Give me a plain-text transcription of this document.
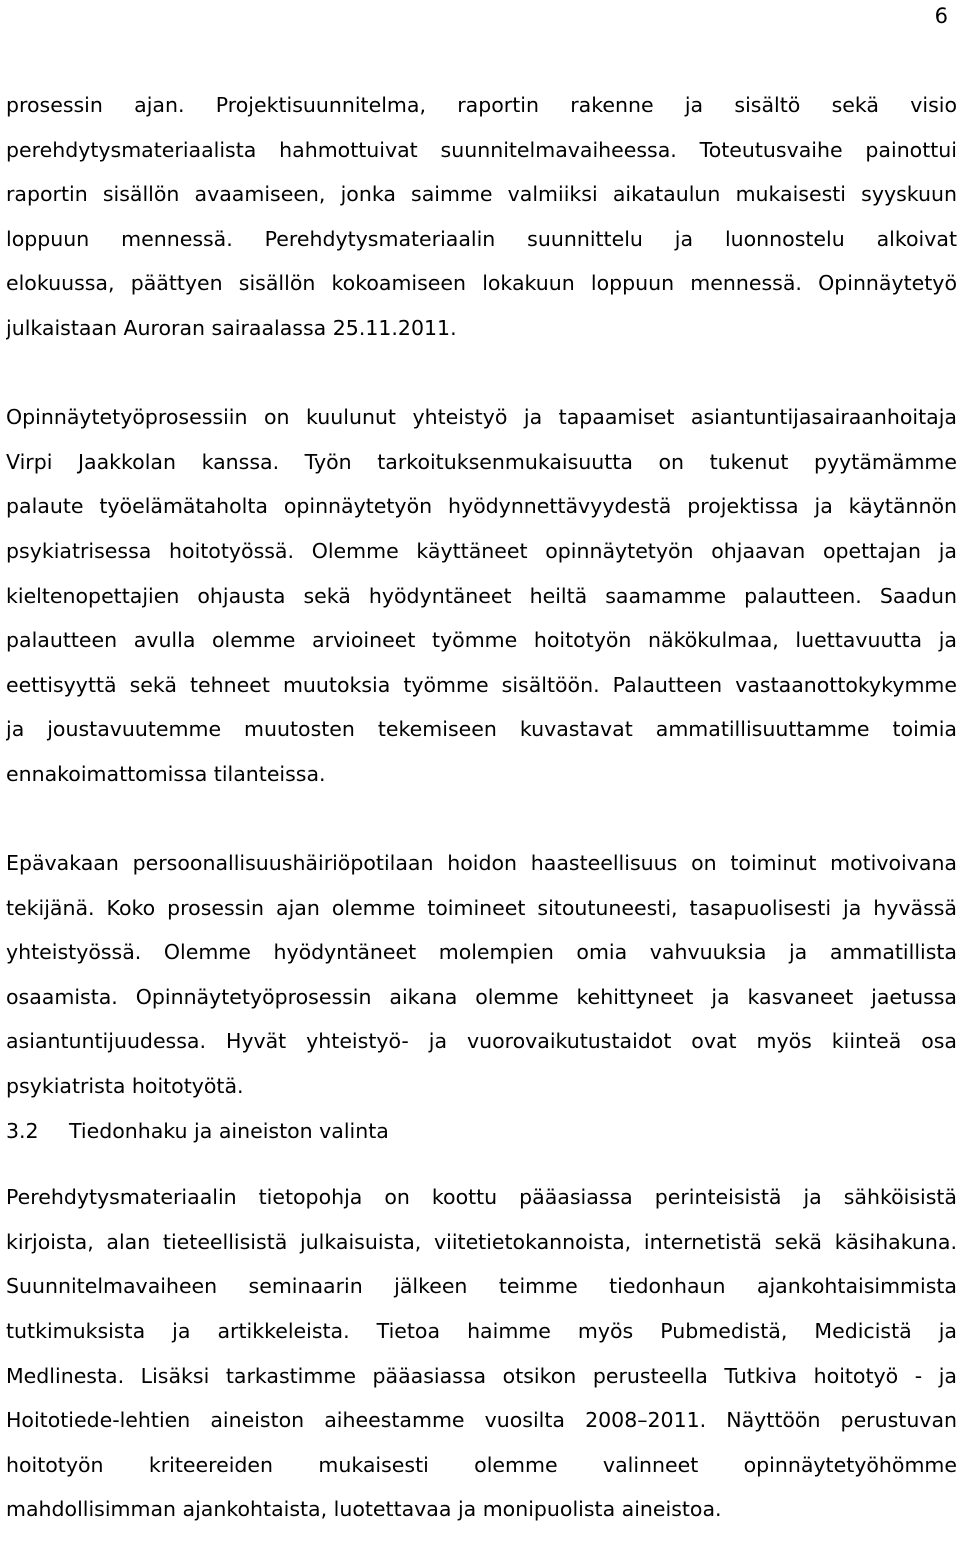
6
prosessin ajan. Projektisuunnitelma, raportin rakenne ja sisältö sekä visio
perehdytysmateriaalista hahmottuivat suunnitelmavaiheessa. Toteutusvaihe painottui
raportin sisällön avaamiseen, jonka saimme valmiiksi aikataulun mukaisesti syyskuun
loppuun mennessä. Perehdytysmateriaalin suunnittelu ja luonnostelu alkoivat
elokuussa, päättyen sisällön kokoamiseen lokakuun loppuun mennessä. Opinnäytetyö
julkaistaan Auroran sairaalassa 25.11.2011.
Opinnäytetyöprosessiin on kuulunut yhteistyö ja tapaamiset asiantuntijasairaanhoitaja
Virpi Jaakkolan kanssa. Työn tarkoituksenmukaisuutta on tukenut pyytämämme
palaute työelämätaholta opinnäytetyön hyödynnettävyydestä projektissa ja käytännön
psykiatrisessa hoitotyössä. Olemme käyttäneet opinnäytetyön ohjaavan opettajan ja
kieltenopettajien ohjausta sekä hyödyntäneet heiltä saamamme palautteen. Saadun
palautteen avulla olemme arvioineet työmme hoitotyön näkökulmaa, luettavuutta ja
eettisyyttä sekä tehneet muutoksia työmme sisältöön. Palautteen vastaanottokykymme
ja joustavuutemme muutosten tekemiseen kuvastavat ammatillisuuttamme toimia
ennakoimattomissa tilanteissa.
Epävakaan persoonallisuushäiriöpotilaan hoidon haasteellisuus on toiminut motivoivana
tekijänä. Koko prosessin ajan olemme toimineet sitoutuneesti, tasapuolisesti ja hyvässä
yhteistyössä. Olemme hyödyntäneet molempien omia vahvuuksia ja ammatillista
osaamista. Opinnäytetyöprosessin aikana olemme kehittyneet ja kasvaneet jaetussa
asiantuntijuudessa. Hyvät yhteistyö- ja vuorovaikutustaidot ovat myös kiinteä osa
psykiatrista hoitotyötä.
3.2 Tiedonhaku ja aineiston valinta
Perehdytysmateriaalin tietopohja on koottu pääasiassa perinteisistä ja sähköisistä
kirjoista, alan tieteellisistä julkaisuista, viitetietokannoista, internetistä sekä käsihakuna.
Suunnitelmavaiheen seminaarin jälkeen teimme tiedonhaun ajankohtaisimmista
tutkimuksista ja artikkeleista. Tietoa haimme myös Pubmedistä, Medicistä ja
Medlinesta. Lisäksi tarkastimme pääasiassa otsikon perusteella Tutkiva hoitotyö - ja
Hoitotiede-lehtien aineiston aiheestamme vuosilta 2008–2011. Näyttöön perustuvan
hoitotyön kriteereiden mukaisesti olemme valinneet opinnäytetyöhömme
mahdollisimman ajankohtaista, luotettavaa ja monipuolista aineistoa.
